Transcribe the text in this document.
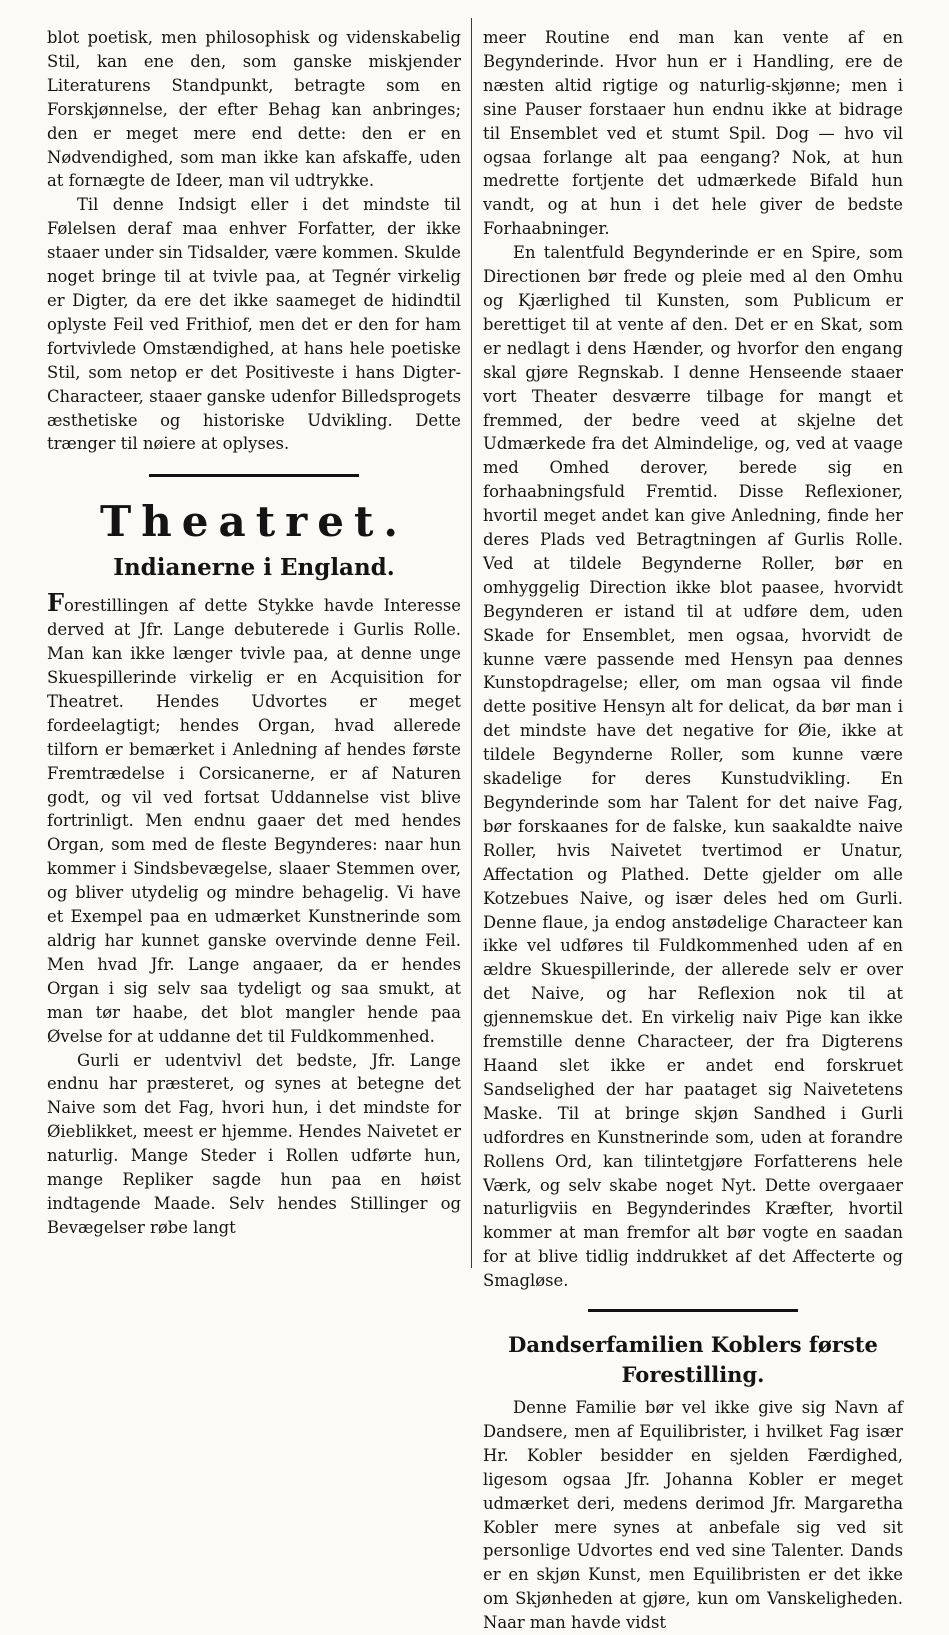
blot poetisk, men philosophisk og videnskabelig Stil, kan ene den, som ganske miskjender Literaturens Standpunkt, betragte som en Forskjønnelse, der efter Behag kan anbringes; den er meget mere end dette: den er en Nødvendighed, som man ikke kan afskaffe, uden at fornægte de Ideer, man vil udtrykke.

Til denne Indsigt eller i det mindste til Følelsen deraf maa enhver Forfatter, der ikke staaer under sin Tidsalder, være kommen. Skulde noget bringe til at tvivle paa, at Tegnér virkelig er Digter, da ere det ikke saameget de hidindtil oplyste Feil ved Frithiof, men det er den for ham fortvivlede Omstændighed, at hans hele poetiske Stil, som netop er det Positiveste i hans Digter-Characteer, staaer ganske udenfor Billedsprogets æsthetiske og historiske Udvikling. Dette trænger til nøiere at oplyses.

Theatret.
Indianerne i England.

Forestillingen af dette Stykke havde Interesse derved at Jfr. Lange debuterede i Gurlis Rolle. Man kan ikke længer tvivle paa, at denne unge Skuespillerinde virkelig er en Acquisition for Theatret. Hendes Udvortes er meget fordeelagtigt; hendes Organ, hvad allerede tilforn er bemærket i Anledning af hendes første Fremtrædelse i Corsicanerne, er af Naturen godt, og vil ved fortsat Uddannelse vist blive fortrinligt. Men endnu gaaer det med hendes Organ, som med de fleste Begynderes: naar hun kommer i Sindsbevægelse, slaaer Stemmen over, og bliver utydelig og mindre behagelig. Vi have et Exempel paa en udmærket Kunstnerinde som aldrig har kunnet ganske overvinde denne Feil. Men hvad Jfr. Lange angaaer, da er hendes Organ i sig selv saa tydeligt og saa smukt, at man tør haabe, det blot mangler hende paa Øvelse for at uddanne det til Fuldkommenhed.

Gurli er udentvivl det bedste, Jfr. Lange endnu har præsteret, og synes at betegne det Naive som det Fag, hvori hun, i det mindste for Øieblikket, meest er hjemme. Hendes Naivetet er naturlig. Mange Steder i Rollen udførte hun, mange Repliker sagde hun paa en høist indtagende Maade. Selv hendes Stillinger og Bevægelser røbe langt

meer Routine end man kan vente af en Begynderinde. Hvor hun er i Handling, ere de næsten altid rigtige og naturlig-skjønne; men i sine Pauser forstaaer hun endnu ikke at bidrage til Ensemblet ved et stumt Spil. Dog — hvo vil ogsaa forlange alt paa eengang? Nok, at hun medrette fortjente det udmærkede Bifald hun vandt, og at hun i det hele giver de bedste Forhaabninger.

En talentfuld Begynderinde er en Spire, som Directionen bør frede og pleie med al den Omhu og Kjærlighed til Kunsten, som Publicum er berettiget til at vente af den. Det er en Skat, som er nedlagt i dens Hænder, og hvorfor den engang skal gjøre Regnskab. I denne Henseende staaer vort Theater desværre tilbage for mangt et fremmed, der bedre veed at skjelne det Udmærkede fra det Almindelige, og, ved at vaage med Omhed derover, berede sig en forhaabningsfuld Fremtid. Disse Reflexioner, hvortil meget andet kan give Anledning, finde her deres Plads ved Betragtningen af Gurlis Rolle. Ved at tildele Begynderne Roller, bør en omhyggelig Direction ikke blot paasee, hvorvidt Begynderen er istand til at udføre dem, uden Skade for Ensemblet, men ogsaa, hvorvidt de kunne være passende med Hensyn paa dennes Kunstopdragelse; eller, om man ogsaa vil finde dette positive Hensyn alt for delicat, da bør man i det mindste have det negative for Øie, ikke at tildele Begynderne Roller, som kunne være skadelige for deres Kunstudvikling. En Begynderinde som har Talent for det naive Fag, bør forskaanes for de falske, kun saakaldte naive Roller, hvis Naivetet tvertimod er Unatur, Affectation og Plathed. Dette gjelder om alle Kotzebues Naive, og især deles hed om Gurli. Denne flaue, ja endog anstødelige Characteer kan ikke vel udføres til Fuldkommenhed uden af en ældre Skuespillerinde, der allerede selv er over det Naive, og har Reflexion nok til at gjennemskue det. En virkelig naiv Pige kan ikke fremstille denne Characteer, der fra Digterens Haand slet ikke er andet end forskruet Sandselighed der har paataget sig Naivetetens Maske. Til at bringe skjøn Sandhed i Gurli udfordres en Kunstnerinde som, uden at forandre Rollens Ord, kan tilintetgjøre Forfatterens hele Værk, og selv skabe noget Nyt. Dette overgaaer naturligviis en Begynderindes Kræfter, hvortil kommer at man fremfor alt bør vogte en saadan for at blive tidlig inddrukket af det Affecterte og Smagløse.

Dandserfamilien Koblers første Forestilling.

Denne Familie bør vel ikke give sig Navn af Dandsere, men af Equilibrister, i hvilket Fag især Hr. Kobler besidder en sjelden Færdighed, ligesom ogsaa Jfr. Johanna Kobler er meget udmærket deri, medens derimod Jfr. Margaretha Kobler mere synes at anbefale sig ved sit personlige Udvortes end ved sine Talenter. Dands er en skjøn Kunst, men Equilibristen er det ikke om Skjønheden at gjøre, kun om Vanskeligheden. Naar man havde vidst
